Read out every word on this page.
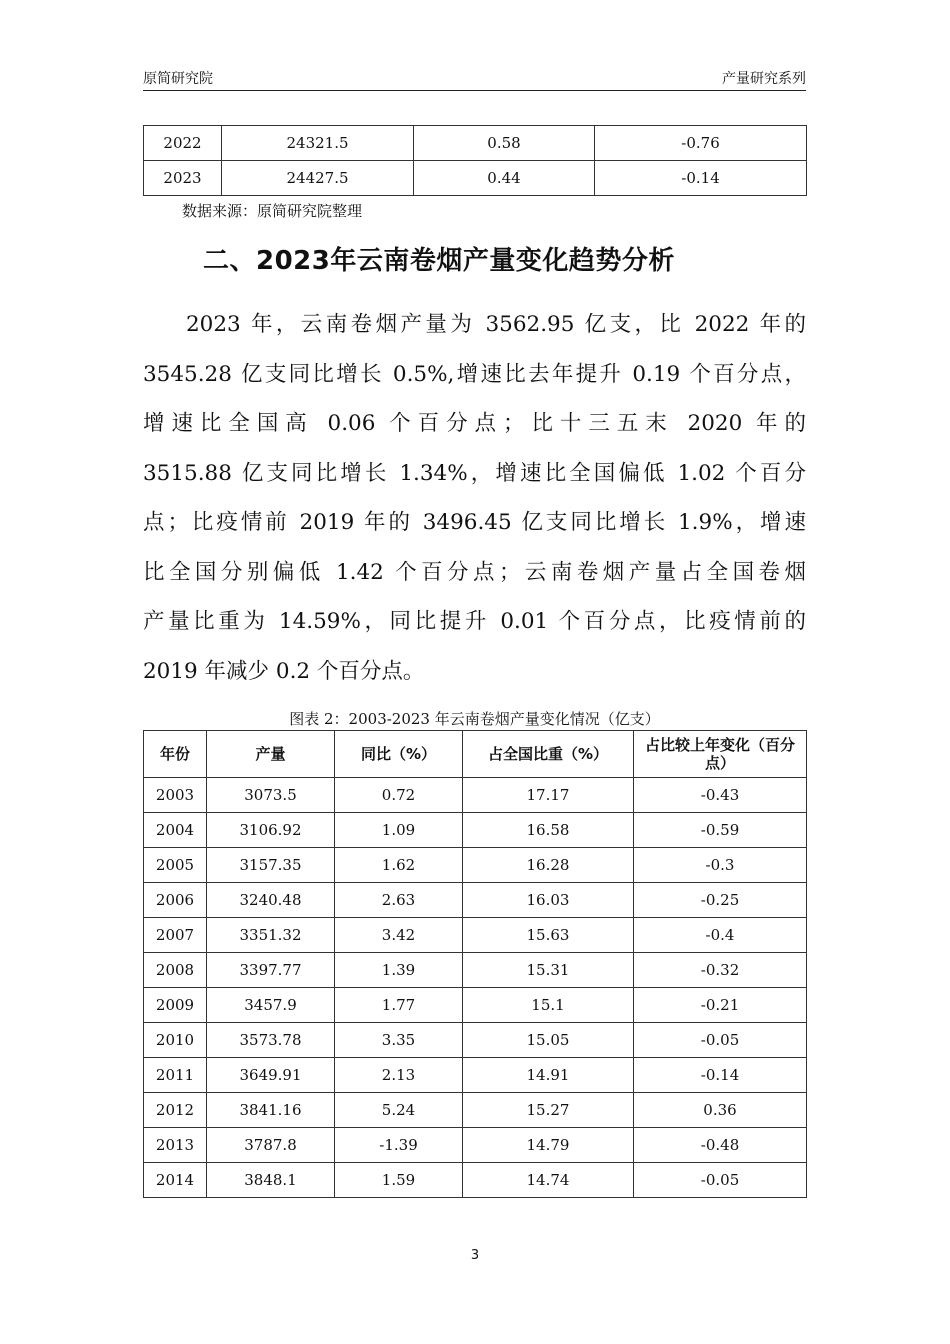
原简研究院	产量研究系列
2022	24321.5	0.58	-0.76
2023	24427.5	0.44	-0.14
数据来源：原简研究院整理
二、2023年云南卷烟产量变化趋势分析
2023 年，云南卷烟产量为 3562.95 亿支，比 2022 年的
3545.28 亿支同比增长 0.5%,增速比去年提升 0.19 个百分点，
增速比全国高 0.06 个百分点；比十三五末 2020 年的
3515.88 亿支同比增长 1.34%，增速比全国偏低 1.02 个百分
点；比疫情前 2019 年的 3496.45 亿支同比增长 1.9%，增速
比全国分别偏低 1.42 个百分点；云南卷烟产量占全国卷烟
产量比重为 14.59%，同比提升 0.01 个百分点，比疫情前的
2019 年减少 0.2 个百分点。
图表 2：2003-2023 年云南卷烟产量变化情况（亿支）
年份	产量	同比（%）	占全国比重（%）	占比较上年变化（百分点）
2003	3073.5	0.72	17.17	-0.43
2004	3106.92	1.09	16.58	-0.59
2005	3157.35	1.62	16.28	-0.3
2006	3240.48	2.63	16.03	-0.25
2007	3351.32	3.42	15.63	-0.4
2008	3397.77	1.39	15.31	-0.32
2009	3457.9	1.77	15.1	-0.21
2010	3573.78	3.35	15.05	-0.05
2011	3649.91	2.13	14.91	-0.14
2012	3841.16	5.24	15.27	0.36
2013	3787.8	-1.39	14.79	-0.48
2014	3848.1	1.59	14.74	-0.05
3
